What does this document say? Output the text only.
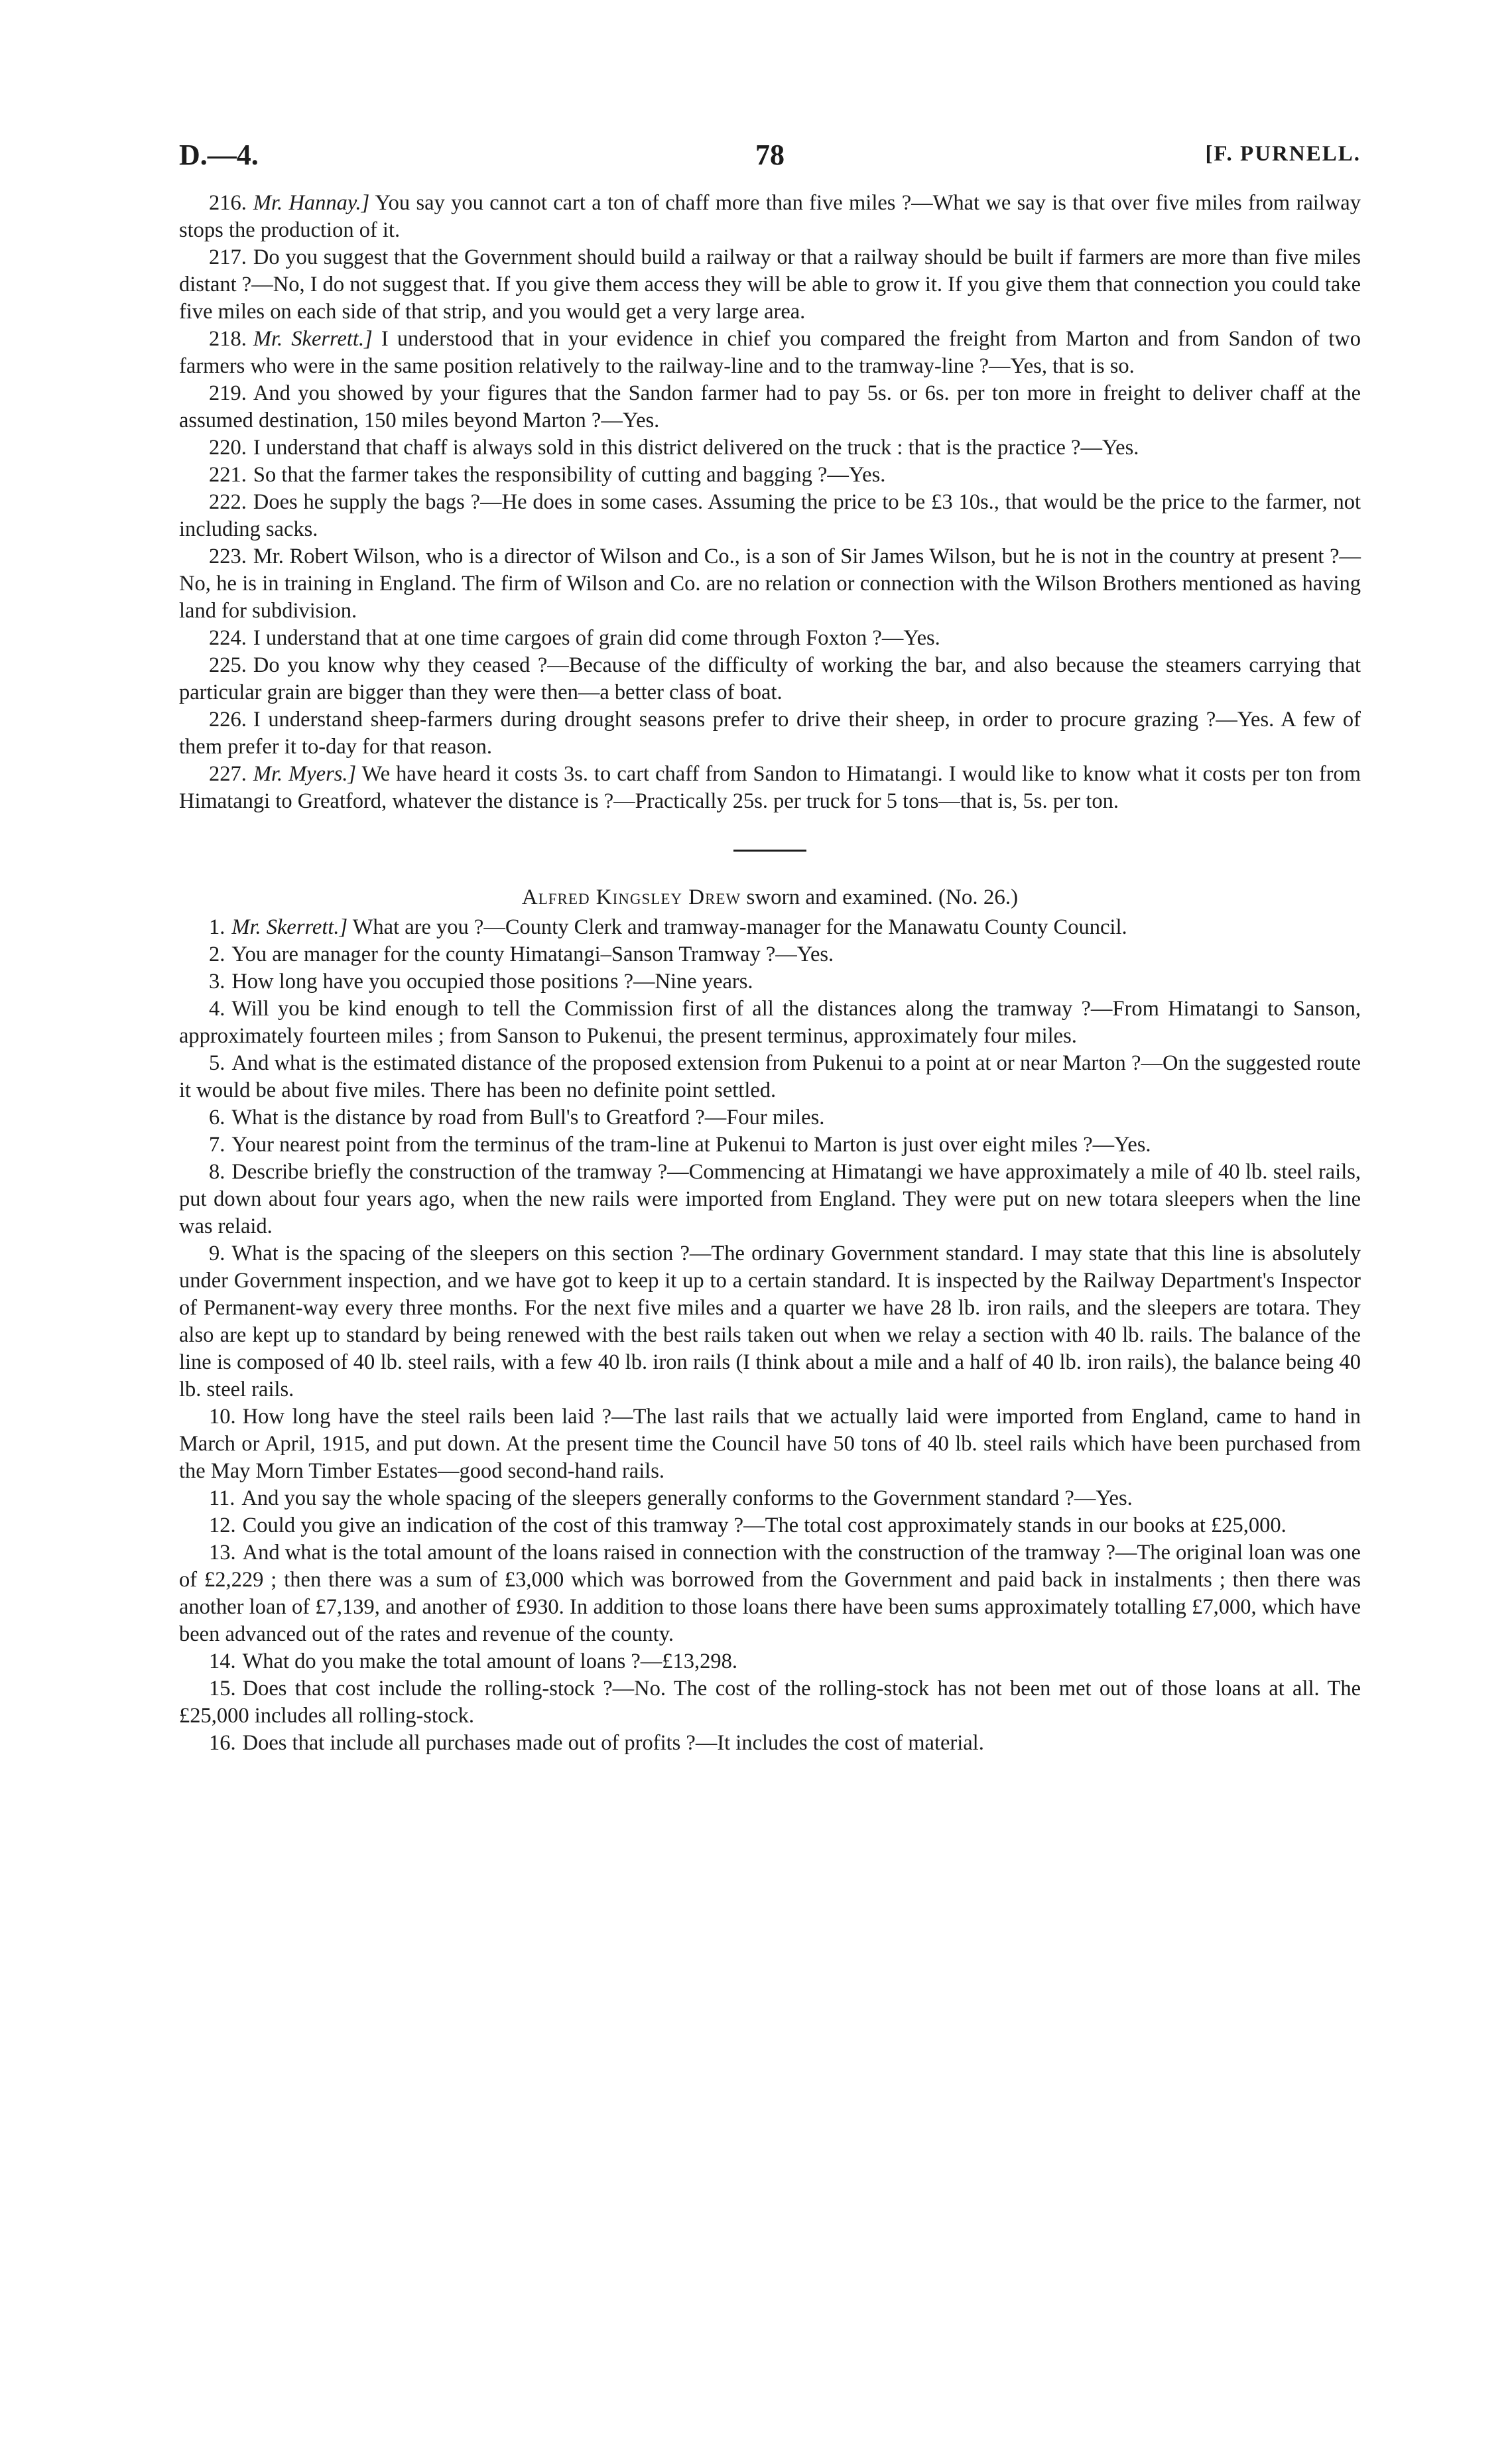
D.—4.	78	[F. PURNELL.

216. Mr. Hannay.] You say you cannot cart a ton of chaff more than five miles ?—What we say is that over five miles from railway stops the production of it.

217. Do you suggest that the Government should build a railway or that a railway should be built if farmers are more than five miles distant ?—No, I do not suggest that. If you give them access they will be able to grow it. If you give them that connection you could take five miles on each side of that strip, and you would get a very large area.

218. Mr. Skerrett.] I understood that in your evidence in chief you compared the freight from Marton and from Sandon of two farmers who were in the same position relatively to the railway-line and to the tramway-line ?—Yes, that is so.

219. And you showed by your figures that the Sandon farmer had to pay 5s. or 6s. per ton more in freight to deliver chaff at the assumed destination, 150 miles beyond Marton ?—Yes.

220. I understand that chaff is always sold in this district delivered on the truck : that is the practice ?—Yes.

221. So that the farmer takes the responsibility of cutting and bagging ?—Yes.

222. Does he supply the bags ?—He does in some cases. Assuming the price to be £3 10s., that would be the price to the farmer, not including sacks.

223. Mr. Robert Wilson, who is a director of Wilson and Co., is a son of Sir James Wilson, but he is not in the country at present ?—No, he is in training in England. The firm of Wilson and Co. are no relation or connection with the Wilson Brothers mentioned as having land for subdivision.

224. I understand that at one time cargoes of grain did come through Foxton ?—Yes.

225. Do you know why they ceased ?—Because of the difficulty of working the bar, and also because the steamers carrying that particular grain are bigger than they were then—a better class of boat.

226. I understand sheep-farmers during drought seasons prefer to drive their sheep, in order to procure grazing ?—Yes. A few of them prefer it to-day for that reason.

227. Mr. Myers.] We have heard it costs 3s. to cart chaff from Sandon to Himatangi. I would like to know what it costs per ton from Himatangi to Greatford, whatever the distance is ?—Practically 25s. per truck for 5 tons—that is, 5s. per ton.

Alfred Kingsley Drew sworn and examined. (No. 26.)

1. Mr. Skerrett.] What are you ?—County Clerk and tramway-manager for the Manawatu County Council.

2. You are manager for the county Himatangi–Sanson Tramway ?—Yes.

3. How long have you occupied those positions ?—Nine years.

4. Will you be kind enough to tell the Commission first of all the distances along the tramway ?—From Himatangi to Sanson, approximately fourteen miles ; from Sanson to Pukenui, the present terminus, approximately four miles.

5. And what is the estimated distance of the proposed extension from Pukenui to a point at or near Marton ?—On the suggested route it would be about five miles. There has been no definite point settled.

6. What is the distance by road from Bull's to Greatford ?—Four miles.

7. Your nearest point from the terminus of the tram-line at Pukenui to Marton is just over eight miles ?—Yes.

8. Describe briefly the construction of the tramway ?—Commencing at Himatangi we have approximately a mile of 40 lb. steel rails, put down about four years ago, when the new rails were imported from England. They were put on new totara sleepers when the line was relaid.

9. What is the spacing of the sleepers on this section ?—The ordinary Government standard. I may state that this line is absolutely under Government inspection, and we have got to keep it up to a certain standard. It is inspected by the Railway Department's Inspector of Permanent-way every three months. For the next five miles and a quarter we have 28 lb. iron rails, and the sleepers are totara. They also are kept up to standard by being renewed with the best rails taken out when we relay a section with 40 lb. rails. The balance of the line is composed of 40 lb. steel rails, with a few 40 lb. iron rails (I think about a mile and a half of 40 lb. iron rails), the balance being 40 lb. steel rails.

10. How long have the steel rails been laid ?—The last rails that we actually laid were imported from England, came to hand in March or April, 1915, and put down. At the present time the Council have 50 tons of 40 lb. steel rails which have been purchased from the May Morn Timber Estates—good second-hand rails.

11. And you say the whole spacing of the sleepers generally conforms to the Government standard ?—Yes.

12. Could you give an indication of the cost of this tramway ?—The total cost approximately stands in our books at £25,000.

13. And what is the total amount of the loans raised in connection with the construction of the tramway ?—The original loan was one of £2,229 ; then there was a sum of £3,000 which was borrowed from the Government and paid back in instalments ; then there was another loan of £7,139, and another of £930. In addition to those loans there have been sums approximately totalling £7,000, which have been advanced out of the rates and revenue of the county.

14. What do you make the total amount of loans ?—£13,298.

15. Does that cost include the rolling-stock ?—No. The cost of the rolling-stock has not been met out of those loans at all. The £25,000 includes all rolling-stock.

16. Does that include all purchases made out of profits ?—It includes the cost of material.
